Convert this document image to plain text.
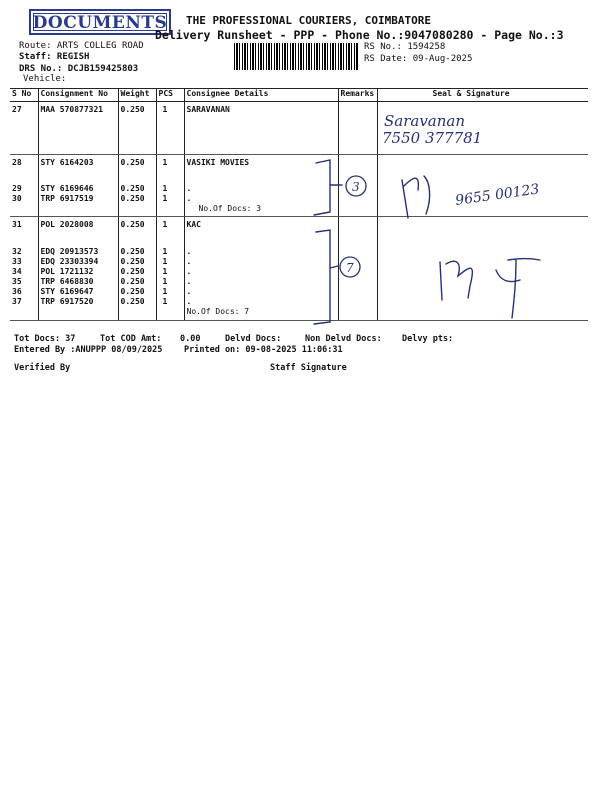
DOCUMENTS	THE PROFESSIONAL COURIERS, COIMBATORE
Delivery Runsheet - PPP - Phone No.:9047080280 - Page No.:3
Route: ARTS COLLEG ROAD
Staff: REGISH
DRS No.: DCJB159425803
Vehicle:
RS No.: 1594258
RS Date: 09-Aug-2025
S No	Consignment No	Weight	PCS	Consignee Details	Remarks	Seal & Signature
27	MAA 570877321	0.250	1	SARAVANAN		

28	STY 6164203	0.250	1	VASIKI MOVIES		

29	STY 6169646	0.250	1	.		
30	TRP 6917519	0.250	1	.		
				No.Of Docs: 3		
31	POL 2028008	0.250	1	KAC		

32	EDQ 20913573	0.250	1	.		
33	EDQ 23303394	0.250	1	.		
34	POL 1721132	0.250	1	.		
35	TRP 6468830	0.250	1	.		
36	STY 6169647	0.250	1	.		
37	TRP 6917520	0.250	1	.		
				No.Of Docs: 7		
Tot Docs: 37	Tot COD Amt: 0.00	Delvd Docs:	Non Delvd Docs: Delvy pts:
Entered By :ANUPPP 08/09/2025	Printed on: 09-08-2025 11:06:31
Verified By	Staff Signature
Saravanan
7550 377781
3	9655 00123
7
